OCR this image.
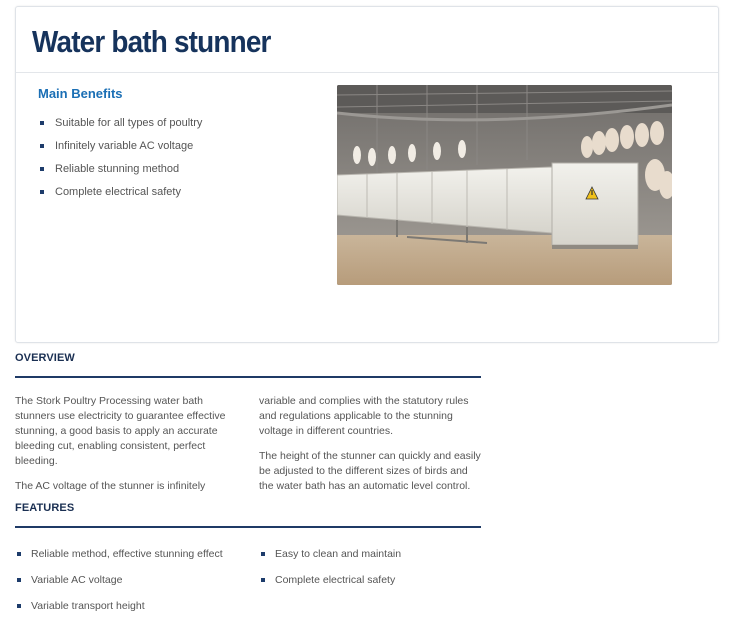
Water bath stunner
Main Benefits
Suitable for all types of poultry
Infinitely variable AC voltage
Reliable stunning method
Complete electrical safety
OVERVIEW

The Stork Poultry Processing water bath stunners use electricity to guarantee effective stunning, a good basis to apply an accurate bleeding cut, enabling consistent, perfect bleeding.

The AC voltage of the stunner is infinitely

variable and complies with the statutory rules and regulations applicable to the stunning voltage in different countries.

The height of the stunner can quickly and easily be adjusted to the different sizes of birds and the water bath has an automatic level control.

FEATURES
Reliable method, effective stunning effect
Variable AC voltage
Variable transport height
Easy to clean and maintain
Complete electrical safety
